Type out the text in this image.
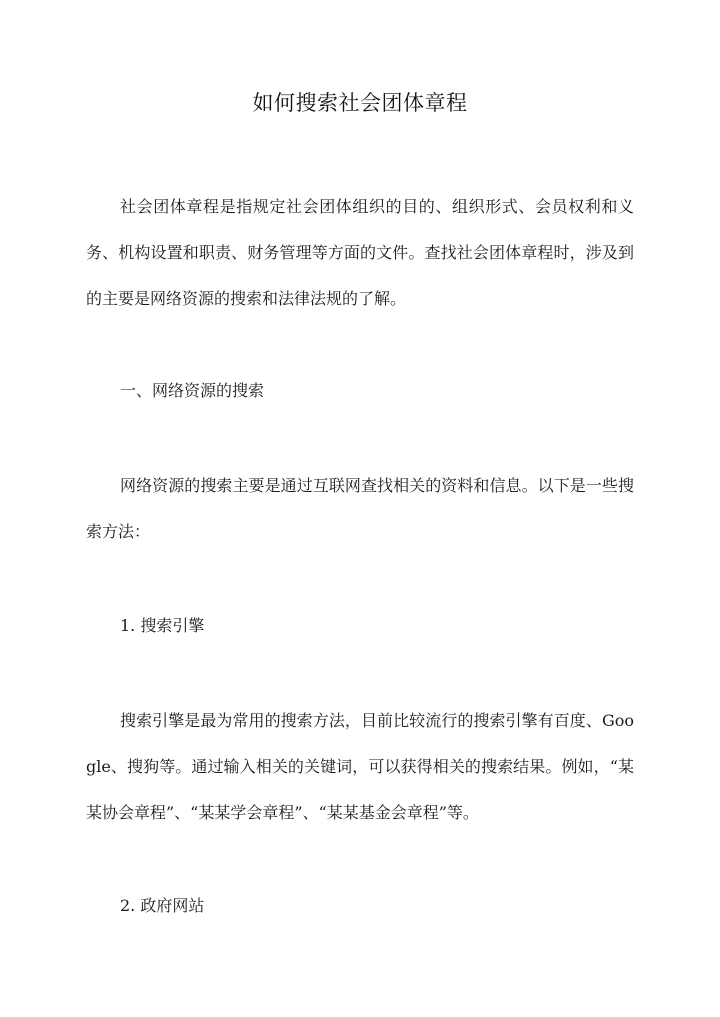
如何搜索社会团体章程

社会团体章程是指规定社会团体组织的目的、组织形式、会员权利和义务、机构设置和职责、财务管理等方面的文件。查找社会团体章程时，涉及到的主要是网络资源的搜索和法律法规的了解。

一、网络资源的搜索

网络资源的搜索主要是通过互联网查找相关的资料和信息。以下是一些搜索方法：

1. 搜索引擎

搜索引擎是最为常用的搜索方法，目前比较流行的搜索引擎有百度、Google、搜狗等。通过输入相关的关键词，可以获得相关的搜索结果。例如，“某某协会章程”、“某某学会章程”、“某某基金会章程”等。

2. 政府网站
